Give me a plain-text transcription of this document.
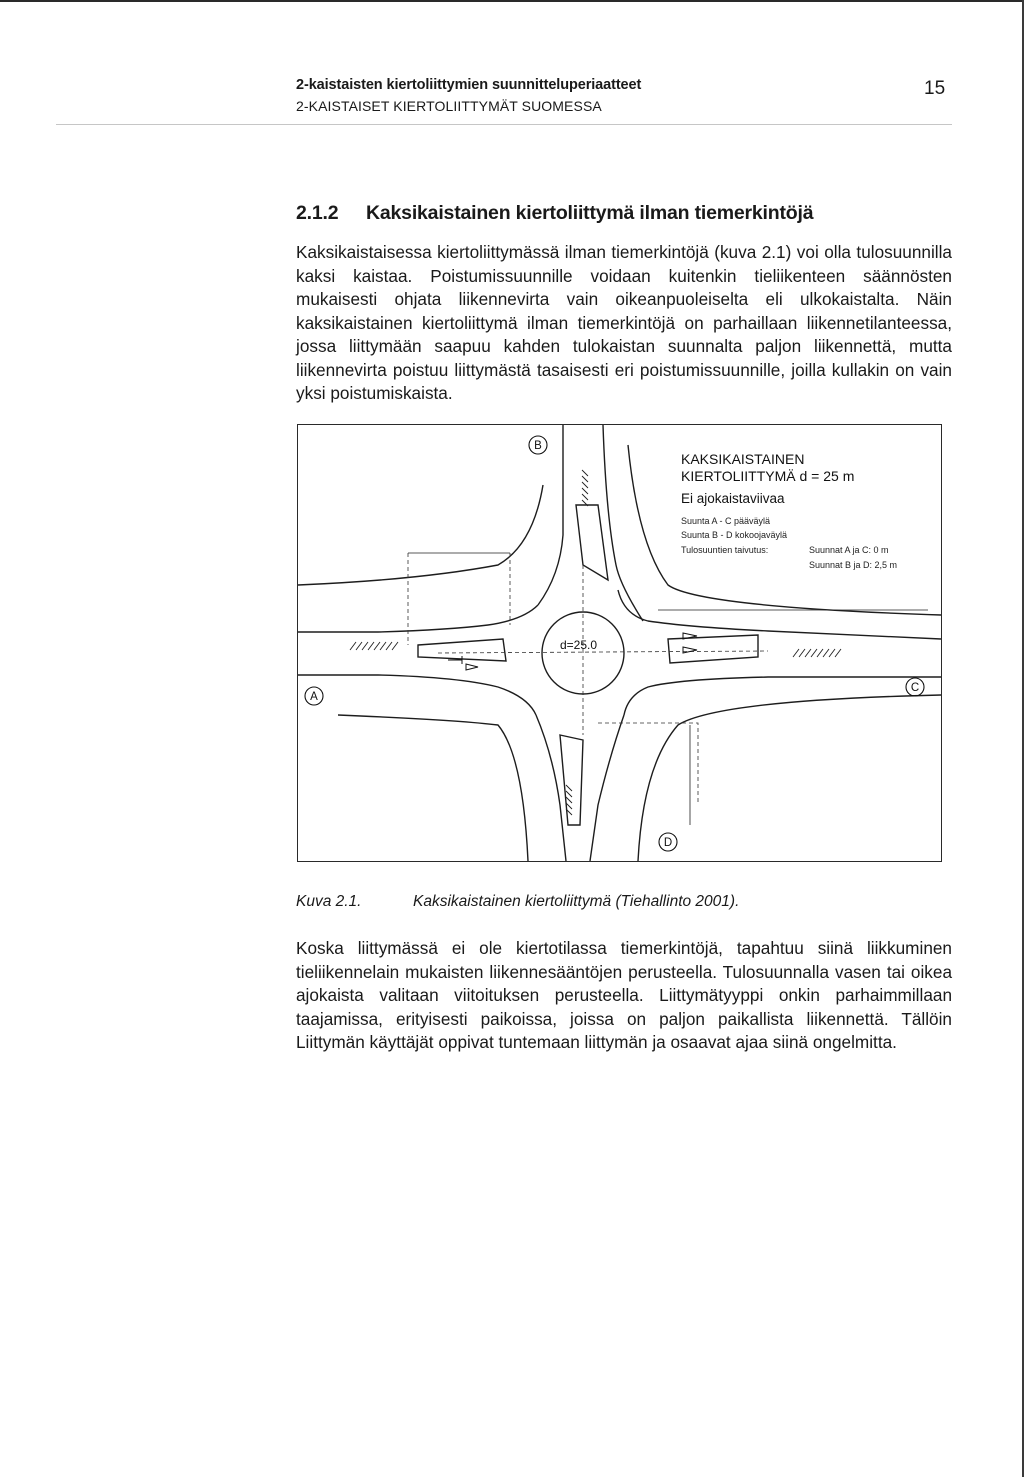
2-kaistaisten kiertoliittymien suunnitteluperiaatteet
2-KAISTAISET KIERTOLIITTYMÄT SUOMESSA
15
2.1.2 Kaksikaistainen kiertoliittymä ilman tiemerkintöjä

Kaksikaistaisessa kiertoliittymässä ilman tiemerkintöjä (kuva 2.1) voi olla tulosuunnilla kaksi kaistaa. Poistumissuunnille voidaan kuitenkin tieliikenteen säännösten mukaisesti ohjata liikennevirta vain oikeanpuoleiselta eli ulkokaistalta. Näin kaksikaistainen kiertoliittymä ilman tiemerkintöjä on parhaillaan liikennetilanteessa, jossa liittymään saapuu kahden tulokaistan suunnalta paljon liikennettä, mutta liikennevirta poistuu liittymästä tasaisesti eri poistumissuunnille, joilla kullakin on vain yksi poistumiskaista.

B
A
C
D
d=25.0
KAKSIKAISTAINEN
KIERTOLIITTYMÄ d = 25 m
Ei ajokaistaviivaa
Suunta A - C pääväylä
Suunta B - D kokoojaväylä
Tulosuuntien taivutus:	Suunnat A ja C: 0 m
Suunnat B ja D: 2,5 m
Kuva 2.1.	Kaksikaistainen kiertoliittymä (Tiehallinto 2001).

Koska liittymässä ei ole kiertotilassa tiemerkintöjä, tapahtuu siinä liikkuminen tieliikennelain mukaisten liikennesääntöjen perusteella. Tulosuunnalla vasen tai oikea ajokaista valitaan viitoituksen perusteella. Liittymätyyppi onkin parhaimmillaan taajamissa, erityisesti paikoissa, joissa on paljon paikallista liikennettä. Tällöin Liittymän käyttäjät oppivat tuntemaan liittymän ja osaavat ajaa siinä ongelmitta.
